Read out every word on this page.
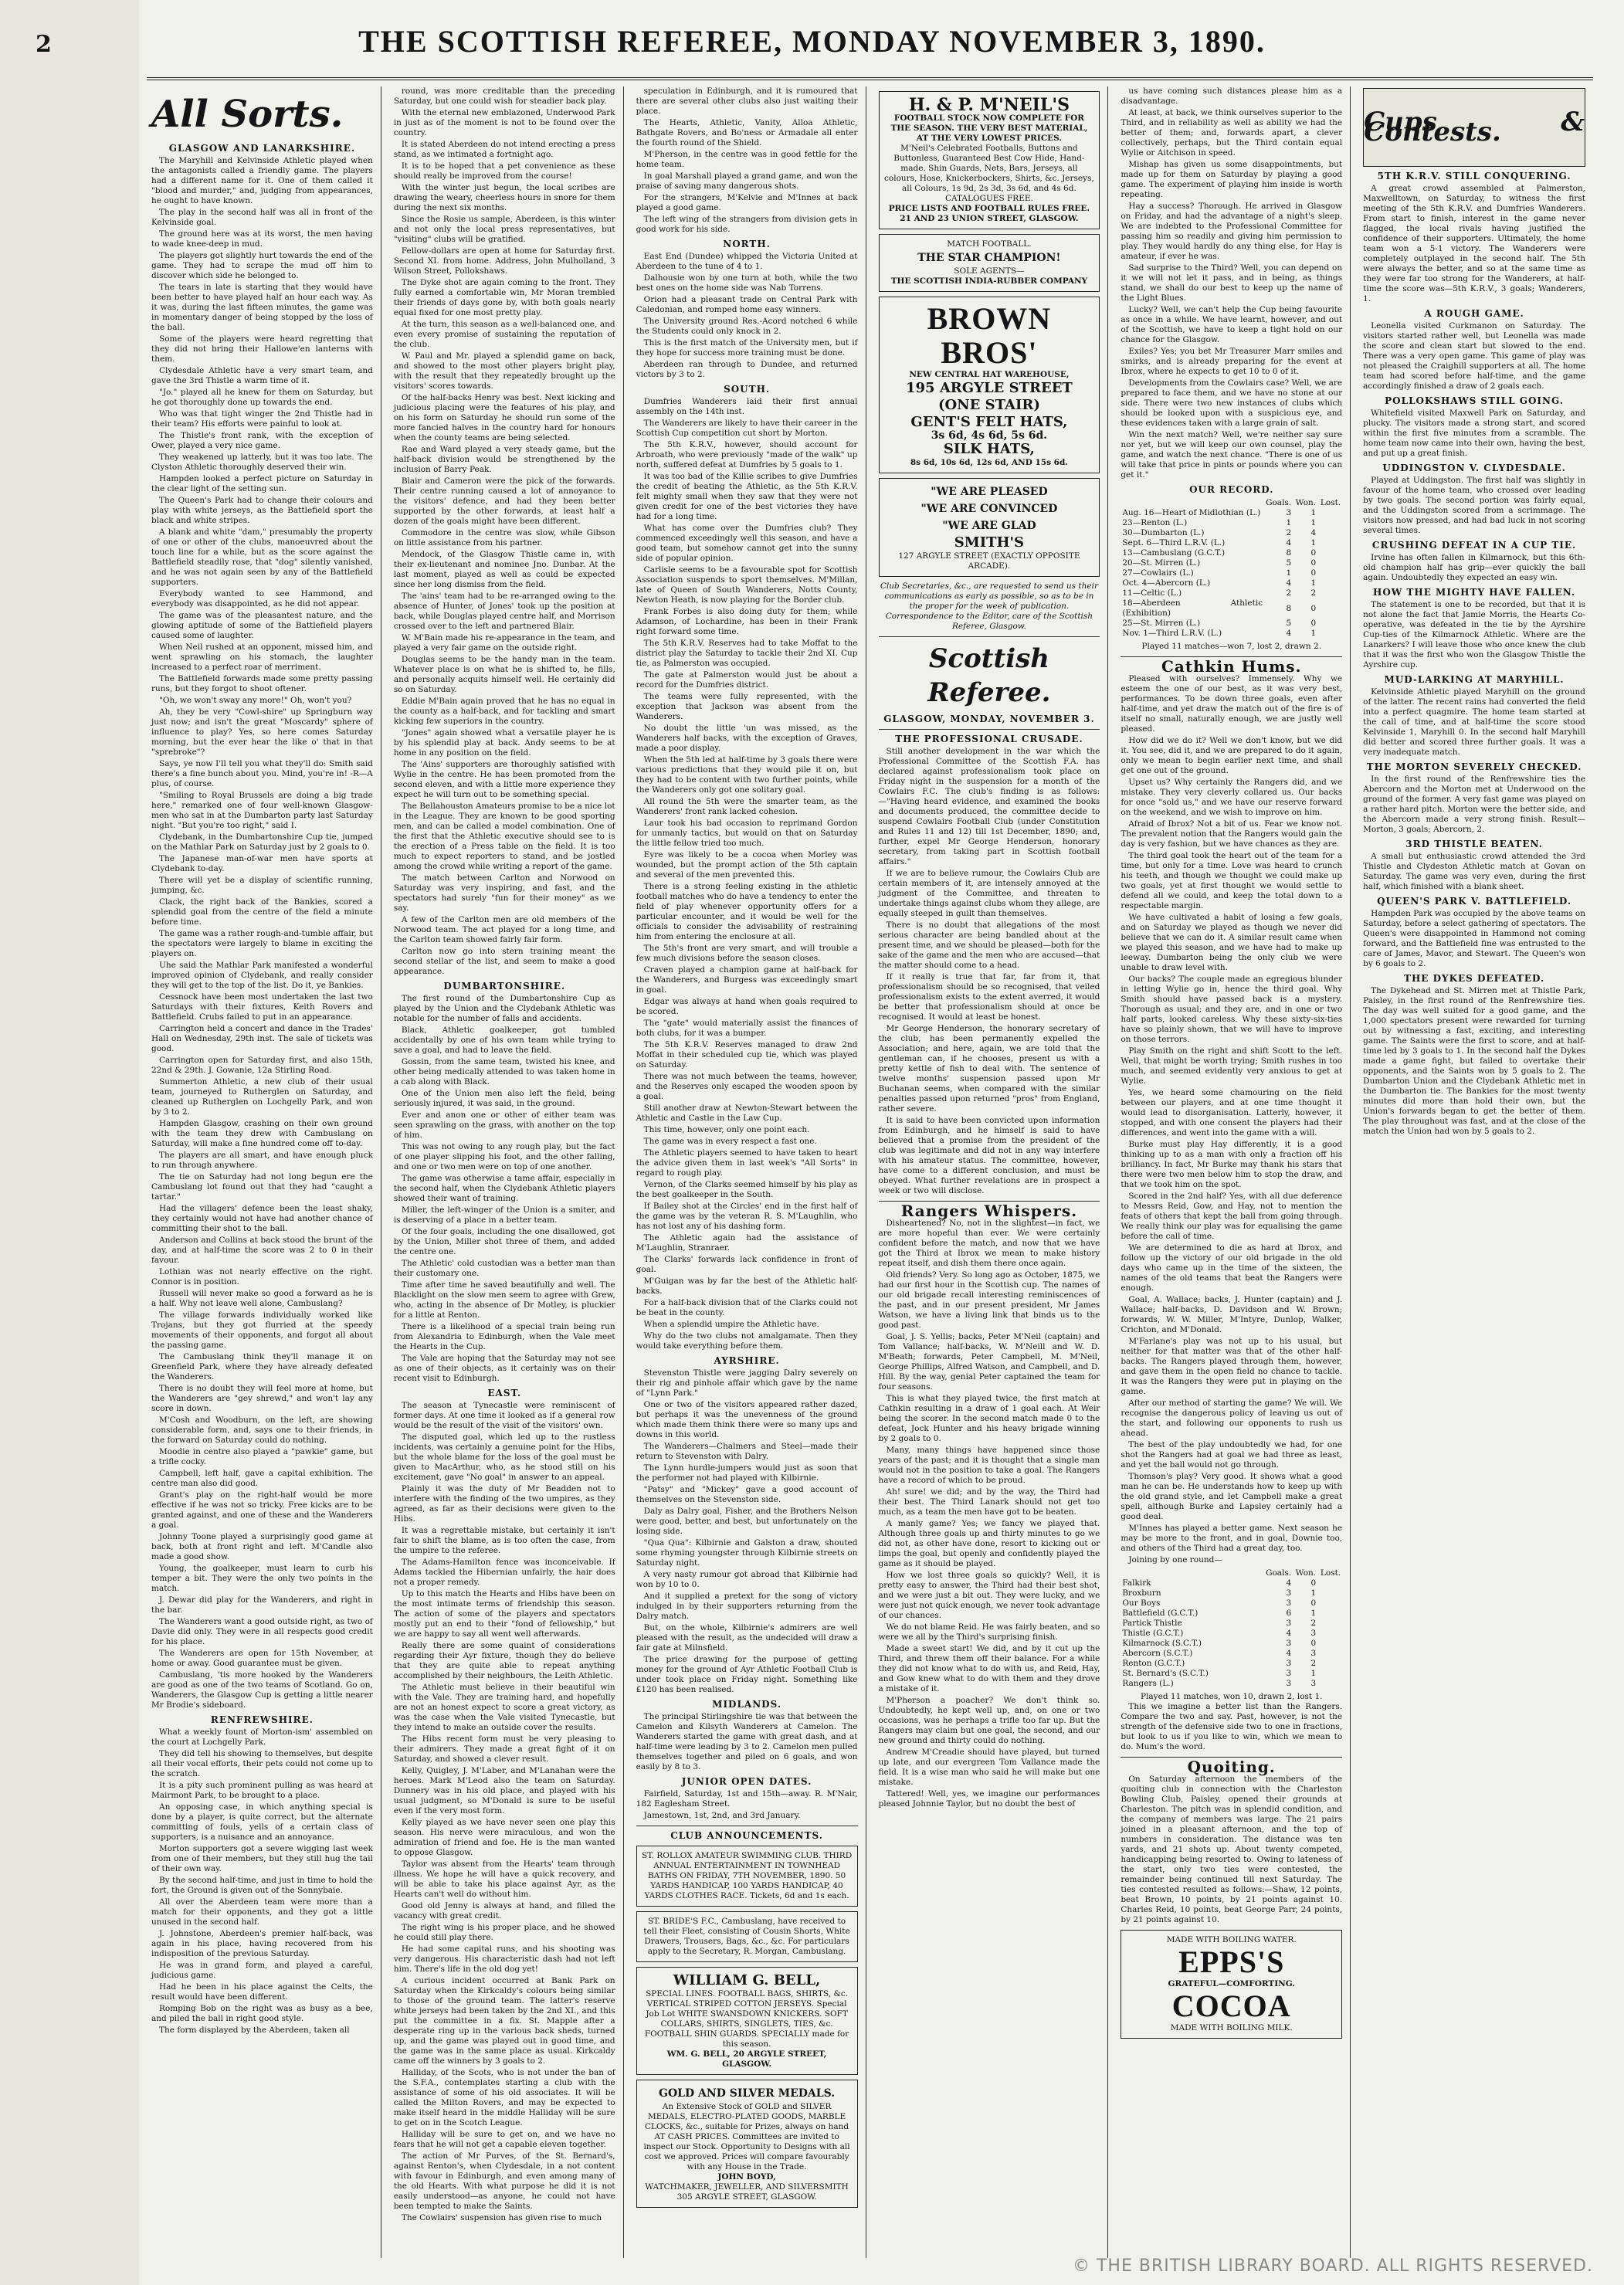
2	THE SCOTTISH REFEREE, MONDAY NOVEMBER 3, 1890.
All Sorts.
GLASGOW AND LANARKSHIRE.

The Maryhill and Kelvinside Athletic played when the antagonists called a friendly game. The players had a different name for it. One of them called it "blood and murder," and, judging from appearances, he ought to have known.

The play in the second half was all in front of the Kelvinside goal.

The ground here was at its worst, the men having to wade knee-deep in mud.

The players got slightly hurt towards the end of the game. They had to scrape the mud off him to discover which side he belonged to.

The tears in late is starting that they would have been better to have played half an hour each way. As it was, during the last fifteen minutes, the game was in momentary danger of being stopped by the loss of the ball.

Some of the players were heard regretting that they did not bring their Hallowe'en lanterns with them.

Clydesdale Athletic have a very smart team, and gave the 3rd Thistle a warm time of it.

"Jo." played all he knew for them on Saturday, but he got thoroughly done up towards the end.

Who was that tight winger the 2nd Thistle had in their team? His efforts were painful to look at.

The Thistle's front rank, with the exception of Ower, played a very nice game.

They weakened up latterly, but it was too late. The Clyston Athletic thoroughly deserved their win.

Hampden looked a perfect picture on Saturday in the clear light of the setting sun.

The Queen's Park had to change their colours and play with white jerseys, as the Battlefield sport the black and white stripes.

A blank and white "dam," presumably the property of one or other of the clubs, manoeuvred about the touch line for a while, but as the score against the Battlefield steadily rose, that "dog" silently vanished, and he was not again seen by any of the Battlefield supporters.

Everybody wanted to see Hammond, and everybody was disappointed, as he did not appear.

The game was of the pleasantest nature, and the glowing aptitude of some of the Battlefield players caused some of laughter.

When Neil rushed at an opponent, missed him, and went sprawling on his stomach, the laughter increased to a perfect roar of merriment.

The Battlefield forwards made some pretty passing runs, but they forgot to shoot oftener.

"Oh, we won't sway any more!" Oh, won't you?

Ah, they be very "Cowl-shire" up Springburn way just now; and isn't the great "Moscardy" sphere of influence to play? Yes, so here comes Saturday morning, but the ever hear the like o' that in that "sprebroke"?

Says, ye now I'll tell you what they'll do: Smith said there's a fine bunch about you. Mind, you're in! -R—A plus, of course.

"Smiling to Royal Brussels are doing a big trade here," remarked one of four well-known Glasgow-men who sat in at the Dumbarton party last Saturday night. "But you're too right," said I.

Clydebank, in the Dumbartonshire Cup tie, jumped on the Mathlar Park on Saturday just by 2 goals to 0.

The Japanese man-of-war men have sports at Clydebank to-day.

There will yet be a display of scientific running, jumping, &c.

Clack, the right back of the Bankies, scored a splendid goal from the centre of the field a minute before time.

The game was a rather rough-and-tumble affair, but the spectators were largely to blame in exciting the players on.

Uhe said the Mathlar Park manifested a wonderful improved opinion of Clydebank, and really consider they will get to the top of the list. Do it, ye Bankies.

Cessnock have been most undertaken the last two Saturdays with their fixtures, Keith Rovers and Battlefield. Crubs failed to put in an appearance.

Carrington held a concert and dance in the Trades' Hall on Wednesday, 29th inst. The sale of tickets was good.

Carrington open for Saturday first, and also 15th, 22nd & 29th. J. Gowanie, 12a Stirling Road.

Summerton Athletic, a new club of their usual team, journeyed to Rutherglen on Saturday, and cleaned up Rutherglen on Lochgelly Park, and won by 3 to 2.

Hampden Glasgow, crashing on their own ground with the team they drew with Cambuslang on Saturday, will make a fine hundred come off to-day.

The players are all smart, and have enough pluck to run through anywhere.

The tie on Saturday had not long begun ere the Cambuslang lot found out that they had "caught a tartar."

Had the villagers' defence been the least shaky, they certainly would not have had another chance of committing their shot to the ball.

Anderson and Collins at back stood the brunt of the day, and at half-time the score was 2 to 0 in their favour.

Lothian was not nearly effective on the right. Connor is in position.

Russell will never make so good a forward as he is a half. Why not leave well alone, Cambuslang?

The village forwards individually worked like Trojans, but they got flurried at the speedy movements of their opponents, and forgot all about the passing game.

The Cambuslang think they'll manage it on Greenfield Park, where they have already defeated the Wanderers.

There is no doubt they will feel more at home, but the Wanderers are "gey shrewd," and won't lay any score in down.

M'Cosh and Woodburn, on the left, are showing considerable form, and, says one to their friends, in the forward on Saturday could do nothing.

Moodie in centre also played a "pawkie" game, but a trifle cocky.

Campbell, left half, gave a capital exhibition. The centre man also did good.

Grant's play on the right-half would be more effective if he was not so tricky. Free kicks are to be granted against, and one of these and the Wanderers a goal.

Johnny Toone played a surprisingly good game at back, both at front right and left. M'Candle also made a good show.

Young, the goalkeeper, must learn to curb his temper a bit. They were the only two points in the match.

J. Dewar did play for the Wanderers, and right in the bar.

The Wanderers want a good outside right, as two of Davie did only. They were in all respects good credit for his place.

The Wanderers are open for 15th November, at home or away. Good guarantee must be given.

Cambuslang, 'tis more hooked by the Wanderers are good as one of the two teams of Scotland. Go on, Wanderers, the Glasgow Cup is getting a little nearer Mr Brodie's sideboard.

RENFREWSHIRE.

What a weekly fount of Morton-ism' assembled on the court at Lochgelly Park.

They did tell his showing to themselves, but despite all their vocal efforts, their pets could not come up to the scratch.

It is a pity such prominent pulling as was heard at Mairmont Park, to be brought to a place.

An opposing case, in which anything special is done by a player, is quite correct, but the alternate committing of fouls, yells of a certain class of supporters, is a nuisance and an annoyance.

Morton supporters got a severe wigging last week from one of their members, but they still hug the tail of their own way.

By the second half-time, and just in time to hold the fort, the Ground is given out of the Sonnybaie.

All over the Aberdeen team were more than a match for their opponents, and they got a little unused in the second half.

J. Johnstone, Aberdeen's premier half-back, was again in his place, having recovered from his indisposition of the previous Saturday.

He was in grand form, and played a careful, judicious game.

Had he been in his place against the Celts, the result would have been different.

Romping Bob on the right was as busy as a bee, and piled the ball in right good style.

The form displayed by the Aberdeen, taken all

round, was more creditable than the preceding Saturday, but one could wish for steadier back play.

With the eternal new emblazoned, Underwood Park in just as of the moment is not to be found over the country.

It is stated Aberdeen do not intend erecting a press stand, as we intimated a fortnight ago.

It is to be hoped that a pet convenience as these should really be improved from the course!

With the winter just begun, the local scribes are drawing the weary, cheerless hours in snore for them during the next six months.

Since the Rosie us sample, Aberdeen, is this winter and not only the local press representatives, but "visiting" clubs will be gratified.

Fellow-dollars are open at home for Saturday first. Second XI. from home. Address, John Mulholland, 3 Wilson Street, Pollokshaws.

The Dyke shot are again coming to the front. They fully earned a comfortable win, Mr Moran trembled their friends of days gone by, with both goals nearly equal fixed for one most pretty play.

At the turn, this season as a well-balanced one, and even every promise of sustaining the reputation of the club.

W. Paul and Mr. played a splendid game on back, and showed to the most other players bright play, with the result that they repeatedly brought up the visitors' scores towards.

Of the half-backs Henry was best. Next kicking and judicious placing were the features of his play, and on his form on Saturday he should run some of the more fancied halves in the country hard for honours when the county teams are being selected.

Rae and Ward played a very steady game, but the half-back division would be strengthened by the inclusion of Barry Peak.

Blair and Cameron were the pick of the forwards. Their centre running caused a lot of annoyance to the visitors' defence, and had they been better supported by the other forwards, at least half a dozen of the goals might have been different.

Commodore in the centre was slow, while Gibson on little assistance from his partner.

Mendock, of the Glasgow Thistle came in, with their ex-lieutenant and nominee Jno. Dunbar. At the last moment, played as well as could be expected since her long dismiss from the field.

The 'ains' team had to be re-arranged owing to the absence of Hunter, of Jones' took up the position at back, while Douglas played centre half, and Morrison crossed over to the left and partnered Blair.

W. M'Bain made his re-appearance in the team, and played a very fair game on the outside right.

Douglas seems to be the handy man in the team. Whatever place is on what he is shifted to, he fills, and personally acquits himself well. He certainly did so on Saturday.

Eddie M'Bain again proved that he has no equal in the county as a half-back, and for tackling and smart kicking few superiors in the country.

"Jones" again showed what a versatile player he is by his splendid play at back. Andy seems to be at home in any position on the field.

The 'Ains' supporters are thoroughly satisfied with Wylie in the centre. He has been promoted from the second eleven, and with a little more experience they expect he will turn out to be something special.

The Bellahouston Amateurs promise to be a nice lot in the League. They are known to be good sporting men, and can be called a model combination. One of the first that the Athletic executive should see to is the erection of a Press table on the field. It is too much to expect reporters to stand, and be jostled among the crowd while writing a report of the game.

The match between Carlton and Norwood on Saturday was very inspiring, and fast, and the spectators had surely "fun for their money" as we say.

A few of the Carlton men are old members of the Norwood team. The act played for a long time, and the Carlton team showed fairly fair form.

Carlton now go into stern training meant the second stellar of the list, and seem to make a good appearance.

DUMBARTONSHIRE.

The first round of the Dumbartonshire Cup as played by the Union and the Clydebank Athletic was notable for the number of falls and accidents.

Black, Athletic goalkeeper, got tumbled accidentally by one of his own team while trying to save a goal, and had to leave the field.

Gossin, from the same team, twisted his knee, and other being medically attended to was taken home in a cab along with Black.

One of the Union men also left the field, being seriously injured, it was said, in the ground.

Ever and anon one or other of either team was seen sprawling on the grass, with another on the top of him.

This was not owing to any rough play, but the fact of one player slipping his foot, and the other falling, and one or two men were on top of one another.

The game was otherwise a tame affair, especially in the second half, when the Clydebank Athletic players showed their want of training.

Miller, the left-winger of the Union is a smiter, and is deserving of a place in a better team.

Of the four goals, including the one disallowed, got by the Union, Miller shot three of them, and added the centre one.

The Athletic' cold custodian was a better man than their customary one.

Time after time he saved beautifully and well. The Blacklight on the slow men seem to agree with Grew, who, acting in the absence of Dr Motley, is pluckier for a little at Renton.

There is a likelihood of a special train being run from Alexandria to Edinburgh, when the Vale meet the Hearts in the Cup.

The Vale are hoping that the Saturday may not see as one of their objects, as it certainly was on their recent visit to Edinburgh.

EAST.

The season at Tynecastle were reminiscent of former days. At one time it looked as if a general row would be the result of the visit of the visitors' own.

The disputed goal, which led up to the rustless incidents, was certainly a genuine point for the Hibs, but the whole blame for the loss of the goal must be given to MacArthur, who, as he stood still on his excitement, gave "No goal" in answer to an appeal.

Plainly it was the duty of Mr Beadden not to interfere with the finding of the two umpires, as they agreed, as far as their decisions were given to the Hibs.

It was a regrettable mistake, but certainly it isn't fair to shift the blame, as is too often the case, from the umpire to the referee.

The Adams-Hamilton fence was inconceivable. If Adams tackled the Hibernian unfairly, the hair does not a proper remedy.

Up to this match the Hearts and Hibs have been on the most intimate terms of friendship this season. The action of some of the players and spectators mostly put an end to their "fond of fellowship," but we are happy to say all went well afterwards.

Really there are some quaint of considerations regarding their Ayr fixture, though they do believe that they are quite able to repeat anything accomplished by their neighbours, the Leith Athletic.

The Athletic must believe in their beautiful win with the Vale. They are training hard, and hopefully are not an honest expect to score a great victory, as was the case when the Vale visited Tynecastle, but they intend to make an outside cover the results.

The Hibs recent form must be very pleasing to their admirers. They made a great fight of it on Saturday, and showed a clever result.

Kelly, Quigley, J. M'Laber, and M'Lanahan were the heroes. Mark M'Leod also the team on Saturday. Dunnery was in his old place, and played with his usual judgment, so M'Donald is sure to be useful even if the very most form.

Kelly played as we have never seen one play this season. His nerve were miraculous, and won the admiration of friend and foe. He is the man wanted to oppose Glasgow.

Taylor was absent from the Hearts' team through illness. We hope he will have a quick recovery, and will be able to take his place against Ayr, as the Hearts can't well do without him.

Good old Jenny is always at hand, and filled the vacancy with great credit.

The right wing is his proper place, and he showed he could still play there.

He had some capital runs, and his shooting was very dangerous. His characteristic dash had not left him. There's life in the old dog yet!

A curious incident occurred at Bank Park on Saturday when the Kirkcaldy's colours being similar to those of the ground team. The latter's reserve white jerseys had been taken by the 2nd XI., and this put the committee in a fix. St. Mapple after a desperate ring up in the various back sheds, turned up, and the game was played out in good time, and the game was in the same place as usual. Kirkcaldy came off the winners by 3 goals to 2.

Halliday, of the Scots, who is not under the ban of the S.F.A., contemplates starting a club with the assistance of some of his old associates. It will be called the Milton Rovers, and may be expected to make itself heard in the middle Halliday will be sure to get on in the Scotch League.

Halliday will be sure to get on, and we have no fears that he will not get a capable eleven together.

The action of Mr Purves, of the St. Bernard's, against Renton's, when Clydesdale, in a not content with favour in Edinburgh, and even among many of the old Hearts. With what purpose he did it is not easily understood—as anyone, he could not have been tempted to make the Saints.

The Cowlairs' suspension has given rise to much

speculation in Edinburgh, and it is rumoured that there are several other clubs also just waiting their place.

The Hearts, Athletic, Vanity, Alloa Athletic, Bathgate Rovers, and Bo'ness or Armadale all enter the fourth round of the Shield.

M'Pherson, in the centre was in good fettle for the home team.

In goal Marshall played a grand game, and won the praise of saving many dangerous shots.

For the strangers, M'Kelvie and M'Innes at back played a good game.

The left wing of the strangers from division gets in good work for his side.

NORTH.

East End (Dundee) whipped the Victoria United at Aberdeen to the tune of 4 to 1.

Dalhousie won by one turn at both, while the two best ones on the home side was Nab Torrens.

Orion had a pleasant trade on Central Park with Caledonian, and romped home easy winners.

The University ground Res.-Acord notched 6 while the Students could only knock in 2.

This is the first match of the University men, but if they hope for success more training must be done.

Aberdeen ran through to Dundee, and returned victors by 3 to 2.

SOUTH.

Dumfries Wanderers laid their first annual assembly on the 14th inst.

The Wanderers are likely to have their career in the Scottish Cup competition cut short by Morton.

The 5th K.R.V., however, should account for Arbroath, who were previously "made of the walk" up north, suffered defeat at Dumfries by 5 goals to 1.

It was too bad of the Killie scribes to give Dumfries the credit of beating the Athletic, as the 5th K.R.V. felt mighty small when they saw that they were not given credit for one of the best victories they have had for a long time.

What has come over the Dumfries club? They commenced exceedingly well this season, and have a good team, but somehow cannot get into the sunny side of popular opinion.

Carlisle seems to be a favourable spot for Scottish Association suspends to sport themselves. M'Millan, late of Queen of South Wanderers, Notts County, Newton Heath, is now playing for the Border club.

Frank Forbes is also doing duty for them; while Adamson, of Lochardine, has been in their Frank right forward some time.

The 5th K.R.V. Reserves had to take Moffat to the district play the Saturday to tackle their 2nd XI. Cup tie, as Palmerston was occupied.

The gate at Palmerston would just be about a record for the Dumfries district.

The teams were fully represented, with the exception that Jackson was absent from the Wanderers.

No doubt the little 'un was missed, as the Wanderers half backs, with the exception of Graves, made a poor display.

When the 5th led at half-time by 3 goals there were various predictions that they would pile it on, but they had to be content with two further points, while the Wanderers only got one solitary goal.

All round the 5th were the smarter team, as the Wanderers' front rank lacked cohesion.

Laur took his bad occasion to reprimand Gordon for unmanly tactics, but would on that on Saturday the little fellow tried too much.

Eyre was likely to be a cocoa when Morley was wounded, but the prompt action of the 5th captain and several of the men prevented this.

There is a strong feeling existing in the athletic football matches who do have a tendency to enter the field of play whenever opportunity offers for a particular encounter, and it would be well for the officials to consider the advisability of restraining him from entering the enclosure at all.

The 5th's front are very smart, and will trouble a few much divisions before the season closes.

Craven played a champion game at half-back for the Wanderers, and Burgess was exceedingly smart in goal.

Edgar was always at hand when goals required to be scored.

The "gate" would materially assist the finances of both clubs, for it was a bumper.

The 5th K.R.V. Reserves managed to draw 2nd Moffat in their scheduled cup tie, which was played on Saturday.

There was not much between the teams, however, and the Reserves only escaped the wooden spoon by a goal.

Still another draw at Newton-Stewart between the Athletic and Castle in the Law Cup.

This time, however, only one point each.

The game was in every respect a fast one.

The Athletic players seemed to have taken to heart the advice given them in last week's "All Sorts" in regard to rough play.

Vernon, of the Clarks seemed himself by his play as the best goalkeeper in the South.

If Bailey shot at the Circles' end in the first half of the game was by the veteran R. S. M'Laughlin, who has not lost any of his dashing form.

The Athletic again had the assistance of M'Laughlin, Stranraer.

The Clarks' forwards lack confidence in front of goal.

M'Guigan was by far the best of the Athletic half-backs.

For a half-back division that of the Clarks could not be beat in the county.

When a splendid umpire the Athletic have.

Why do the two clubs not amalgamate. Then they would take everything before them.

AYRSHIRE.

Stevenston Thistle were jagging Dalry severely on their rig and pinhole affair which gave by the name of "Lynn Park."

One or two of the visitors appeared rather dazed, but perhaps it was the unevenness of the ground which made them think there were so many ups and downs in this world.

The Wanderers—Chalmers and Steel—made their return to Stevenston with Dalry.

The Lynn hurdle-jumpers would just as soon that the performer not had played with Kilbirnie.

"Patsy" and "Mickey" gave a good account of themselves on the Stevenston side.

Daly as Dalry goal, Fisher, and the Brothers Nelson were good, better, and best, but unfortunately on the losing side.

"Qua Qua": Kilbirnie and Galston a draw, shouted some rhyming youngster through Kilbirnie streets on Saturday night.

A very nasty rumour got abroad that Kilbirnie had won by 10 to 0.

And it supplied a pretext for the song of victory indulged in by their supporters returning from the Dalry match.

But, on the whole, Kilbirnie's admirers are well pleased with the result, as the undecided will draw a fair gate at Milnsfield.

The price drawing for the purpose of getting money for the ground of Ayr Athletic Football Club is under took place on Friday night. Something like £120 has been realised.

MIDLANDS.

The principal Stirlingshire tie was that between the Camelon and Kilsyth Wanderers at Camelon. The Wanderers started the game with great dash, and at half-time were leading by 3 to 2. Camelon men pulled themselves together and piled on 6 goals, and won easily by 8 to 3.

JUNIOR OPEN DATES.

Fairfield, Saturday, 1st and 15th—away. R. M'Nair, 182 Eaglesham Street.

Jamestown, 1st, 2nd, and 3rd January.

CLUB ANNOUNCEMENTS.
ST. ROLLOX AMATEUR SWIMMING CLUB. THIRD ANNUAL ENTERTAINMENT IN TOWNHEAD BATHS ON FRIDAY, 7TH NOVEMBER, 1890. 50 YARDS HANDICAP, 100 YARDS HANDICAP, 40 YARDS CLOTHES RACE. Tickets, 6d and 1s each.
ST. BRIDE'S F.C., Cambuslang, have received to tell their Fleet, consisting of Cousin Shorts, White Drawers, Trousers, Bags, &c., &c. For particulars apply to the Secretary, R. Morgan, Cambuslang.
WILLIAM G. BELL,
SPECIAL LINES. FOOTBALL BAGS, SHIRTS, &c. VERTICAL STRIPED COTTON JERSEYS. Special Job Lot WHITE SWANSDOWN KNICKERS. SOFT COLLARS, SHIRTS, SINGLETS, TIES, &c. FOOTBALL SHIN GUARDS. SPECIALLY made for this season.
WM. G. BELL, 20 ARGYLE STREET, GLASGOW.
GOLD AND SILVER MEDALS.
An Extensive Stock of GOLD and SILVER MEDALS, ELECTRO-PLATED GOODS, MARBLE CLOCKS, &c., suitable for Prizes, always on hand AT CASH PRICES. Committees are invited to inspect our Stock. Opportunity to Designs with all cost we approved. Prices will compare favourably with any House in the Trade.
JOHN BOYD,
WATCHMAKER, JEWELLER, AND SILVERSMITH 305 ARGYLE STREET, GLASGOW.
H. & P. M'NEIL'S
FOOTBALL STOCK NOW COMPLETE FOR THE SEASON. THE VERY BEST MATERIAL, AT THE VERY LOWEST PRICES.
M'Neil's Celebrated Footballs, Buttons and Buttonless, Guaranteed Best Cow Hide, Hand-made. Shin Guards, Nets, Bars, Jerseys, all colours, Hose, Knickerbockers, Shirts, &c. Jerseys, all Colours, 1s 9d, 2s 3d, 3s 6d, and 4s 6d. CATALOGUES FREE.
PRICE LISTS AND FOOTBALL RULES FREE. 21 AND 23 UNION STREET, GLASGOW.
MATCH FOOTBALL.
THE STAR CHAMPION!
SOLE AGENTS—
THE SCOTTISH INDIA-RUBBER COMPANY
BROWN BROS'
NEW CENTRAL HAT WAREHOUSE,
195 ARGYLE STREET (ONE STAIR)
GENT'S FELT HATS,
3s 6d, 4s 6d, 5s 6d.
SILK HATS,
8s 6d, 10s 6d, 12s 6d, AND 15s 6d.
"WE ARE PLEASED
"WE ARE CONVINCED
"WE ARE GLAD
SMITH'S
127 ARGYLE STREET (EXACTLY OPPOSITE ARCADE).
Club Secretaries, &c., are requested to send us their communications as early as possible, so as to be in the proper for the week of publication. Correspondence to the Editor, care of the Scottish Referee, Glasgow.
Scottish Referee.
GLASGOW, MONDAY, NOVEMBER 3.
THE PROFESSIONAL CRUSADE.

Still another development in the war which the Professional Committee of the Scottish F.A. has declared against professionalism took place on Friday night in the suspension for a month of the Cowlairs F.C. The club's finding is as follows:—"Having heard evidence, and examined the books and documents produced, the committee decide to suspend Cowlairs Football Club (under Constitution and Rules 11 and 12) till 1st December, 1890; and, further, expel Mr George Henderson, honorary secretary, from taking part in Scottish football affairs."

If we are to believe rumour, the Cowlairs Club are certain members of it, are intensely annoyed at the judgment of the Committee, and threaten to undertake things against clubs whom they allege, are equally steeped in guilt than themselves.

There is no doubt that allegations of the most serious character are being bandied about at the present time, and we should be pleased—both for the sake of the game and the men who are accused—that the matter should come to a head.

If it really is true that far, far from it, that professionalism should be so recognised, that veiled professionalism exists to the extent averred, it would be better that professionalism should at once be recognised. It would at least be honest.

Mr George Henderson, the honorary secretary of the club, has been permanently expelled the Association; and here, again, we are told that the gentleman can, if he chooses, present us with a pretty kettle of fish to deal with. The sentence of twelve months' suspension passed upon Mr Buchanan seems, when compared with the similar penalties passed upon returned "pros" from England, rather severe.

It is said to have been convicted upon information from Edinburgh, and he himself is said to have believed that a promise from the president of the club was legitimate and did not in any way interfere with his amateur status. The committee, however, have come to a different conclusion, and must be obeyed. What further revelations are in prospect a week or two will disclose.

Rangers Whispers.

Disheartened? No, not in the slightest—in fact, we are more hopeful than ever. We were certainly confident before the match, and now that we have got the Third at Ibrox we mean to make history repeat itself, and dish them there once again.

Old friends? Very. So long ago as October, 1875, we had our first hour in the Scottish cup. The names of our old brigade recall interesting reminiscences of the past, and in our present president, Mr James Watson, we have a living link that binds us to the good past.

Goal, J. S. Yellis; backs, Peter M'Neil (captain) and Tom Vallance; half-backs, W. M'Neill and W. D. M'Beath; forwards, Peter Campbell, M. M'Neil, George Phillips, Alfred Watson, and Campbell, and D. Hill. By the way, genial Peter captained the team for four seasons.

This is what they played twice, the first match at Cathkin resulting in a draw of 1 goal each. At Weir being the scorer. In the second match made 0 to the defeat, Jock Hunter and his heavy brigade winning by 2 goals to 0.

Many, many things have happened since those years of the past; and it is thought that a single man would not in the position to take a goal. The Rangers have a record of which to be proud.

Ah! sure! we did; and by the way, the Third had their best. The Third Lanark should not get too much, as a team the men have got to be beaten.

A manly game? Yes; we fancy we played that. Although three goals up and thirty minutes to go we did not, as other have done, resort to kicking out or limps the goal, but openly and confidently played the game as it should be played.

How we lost three goals so quickly? Well, it is pretty easy to answer, the Third had their best shot, and we were just a bit out. They were lucky, and we were just not quick enough, we never took advantage of our chances.

We do not blame Reid. He was fairly beaten, and so were we all by the Third's surprising finish.

Made a sweet start! We did, and by it cut up the Third, and threw them off their balance. For a while they did not know what to do with us, and Reid, Hay, and Gow knew what to do with them and they drove a mistake of it.

M'Pherson a poacher? We don't think so. Undoubtedly, he kept well up, and, on one or two occasions, was he perhaps a trifle too far up. But the Rangers may claim but one goal, the second, and our new ground and thirty could do nothing.

Andrew M'Creadie should have played, but turned up late, and our evergreen Tom Vallance made the field. It is a wise man who said he will make but one mistake.

Tattered! Well, yes, we imagine our performances pleased Johnnie Taylor, but no doubt the best of

us have coming such distances please him as a disadvantage.

At least, at back, we think ourselves superior to the Third, and in reliability as well as ability we had the better of them; and, forwards apart, a clever collectively, perhaps, but the Third contain equal Wylie or Aitchison in speed.

Mishap has given us some disappointments, but made up for them on Saturday by playing a good game. The experiment of playing him inside is worth repeating.

Hay a success? Thorough. He arrived in Glasgow on Friday, and had the advantage of a night's sleep. We are indebted to the Professional Committee for passing him so readily and giving him permission to play. They would hardly do any thing else, for Hay is amateur, if ever he was.

Sad surprise to the Third? Well, you can depend on it we will not let it pass, and in being, as things stand, we shall do our best to keep up the name of the Light Blues.

Lucky? Well, we can't help the Cup being favourite as once in a while. We have learnt, however, and out of the Scottish, we have to keep a tight hold on our chance for the Glasgow.

Exiles? Yes; you bet Mr Treasurer Marr smiles and smirks, and is already preparing for the event at Ibrox, where he expects to get 10 to 0 of it.

Developments from the Cowlairs case? Well, we are prepared to face them, and we have no stone at our side. There were two new instances of clubs which should be looked upon with a suspicious eye, and these evidences taken with a large grain of salt.

Win the next match? Well, we're neither say sure nor yet, but we will keep our own counsel, play the game, and watch the next chance. "There is one of us will take that price in pints or pounds where you can get it."

OUR RECORD.
	Goals.	Won.	Lost.
Aug. 16—Heart of Midlothian (L.)	3	1	
23—Renton (L.)	1	1	
30—Dumbarton (L.)	2	4	
Sept. 6—Third L.R.V. (L.)	4	1	
13—Cambuslang (G.C.T.)	8	0	
20—St. Mirren (L.)	5	0	
27—Cowlairs (L.)	1	0	
Oct. 4—Abercorn (L.)	4	1	
11—Celtic (L.)	2	2	
18—Aberdeen Athletic (Exhibition)	8	0	
25—St. Mirren (L.)	5	0	
Nov. 1—Third L.R.V. (L.)	4	1	
Played 11 matches—won 7, lost 2, drawn 2.
Cathkin Hums.

Pleased with ourselves? Immensely. Why we esteem the one of our best, as it was very best, performances. To be down three goals, even after half-time, and yet draw the match out of the fire is of itself no small, naturally enough, we are justly well pleased.

How did we do it? Well we don't know, but we did it. You see, did it, and we are prepared to do it again, only we mean to begin earlier next time, and shall get one out of the ground.

Upset us? Why certainly the Rangers did, and we mistake. They very cleverly collared us. Our backs for once "sold us," and we have our reserve forward on the weekend, and we wish to improve on him.

Afraid of Ibrox? Not a bit of us. Fear we know not. The prevalent notion that the Rangers would gain the day is very fashion, but we have chances as they are.

The third goal took the heart out of the team for a time, but only for a time. Love was heard to crunch his teeth, and though we thought we could make up two goals, yet at first thought we would settle to defend all we could, and keep the total down to a respectable margin.

We have cultivated a habit of losing a few goals, and on Saturday we played as though we never did believe that we can do it. A similar result came when we played this season, and we have had to make up leeway. Dumbarton being the only club we were unable to draw level with.

Our backs? The couple made an egregious blunder in letting Wylie go in, hence the third goal. Why Smith should have passed back is a mystery. Thorough as usual; and they are, and in one or two half parts, looked careless. Why these sixty-six-ties have so plainly shown, that we will have to improve on those terrors.

Play Smith on the right and shift Scott to the left. Well, that might be worth trying; Smith rushes in too much, and seemed evidently very anxious to get at Wylie.

Yes, we heard some chamouring on the field between our players, and at one time thought it would lead to disorganisation. Latterly, however, it stopped, and with one consent the players had their differences, and went into the game with a will.

Burke must play Hay differently, it is a good thinking up to as a man with only a fraction off his brilliancy. In fact, Mr Burke may thank his stars that there were two men below him to stop the draw, and that we took him on the spot.

Scored in the 2nd half? Yes, with all due deference to Messrs Reid, Gow, and Hay, not to mention the feats of others that kept the ball from going through. We really think our play was for equalising the game before the call of time.

We are determined to die as hard at Ibrox, and follow up the victory of our old brigade in the old days who came up in the time of the sixteen, the names of the old teams that beat the Rangers were enough.

Goal, A. Wallace; backs, J. Hunter (captain) and J. Wallace; half-backs, D. Davidson and W. Brown; forwards, W. W. Miller, M'Intyre, Dunlop, Walker, Crichton, and M'Donald.

M'Farlane's play was not up to his usual, but neither for that matter was that of the other half-backs. The Rangers played through them, however, and gave them in the open field no chance to tackle. It was the Rangers they were put in playing on the game.

After our method of starting the game? We will. We recognise the dangerous policy of leaving us out of the start, and following our opponents to rush us ahead.

The best of the play undoubtedly we had, for one shot the Rangers had at goal we had three as least, and yet the ball would not go through.

Thomson's play? Very good. It shows what a good man he can be. He understands how to keep up with the old grand style, and let Campbell make a great spell, although Burke and Lapsley certainly had a good deal.

M'Innes has played a better game. Next season he may be more to the front, and in goal, Downie too, and others of the Third had a great day, too.

Joining by one round—

	Goals.	Won.	Lost.
Falkirk	4	0	
Broxburn	3	1	
Our Boys	3	0	
Battlefield (G.C.T.)	6	1	
Partick Thistle	3	2	
Thistle (G.C.T.)	4	3	
Kilmarnock (S.C.T.)	3	0	
Abercorn (S.C.T.)	4	3	
Renton (G.C.T.)	3	2	
St. Bernard's (S.C.T.)	3	1	
Rangers (L.)	3	3	
Played 11 matches, won 10, drawn 2, lost 1.

This we imagine a better list than the Rangers. Compare the two and say. Past, however, is not the strength of the defensive side two to one in fractions, but look to us if you like to win, which we mean to do. Mum's the word.

Quoiting.

On Saturday afternoon the members of the quoiting club in connection with the Charleston Bowling Club, Paisley, opened their grounds at Charleston. The pitch was in splendid condition, and the company of members was large. The 21 pairs joined in a pleasant afternoon, and the top of numbers in consideration. The distance was ten yards, and 21 shots up. About twenty competed, handicapping being resorted to. Owing to lateness of the start, only two ties were contested, the remainder being continued till next Saturday. The ties contested resulted as follows:—Shaw, 12 points, beat Brown, 10 points, by 21 points against 10. Charles Reid, 10 points, beat George Parr, 24 points, by 21 points against 10.

MADE WITH BOILING WATER.
EPPS'S
GRATEFUL—COMFORTING.
COCOA
MADE WITH BOILING MILK.
Cups & Contests.
5TH K.R.V. STILL CONQUERING.

A great crowd assembled at Palmerston, Maxwelltown, on Saturday, to witness the first meeting of the 5th K.R.V. and Dumfries Wanderers. From start to finish, interest in the game never flagged, the local rivals having justified the confidence of their supporters. Ultimately, the home team won a 5-1 victory. The Wanderers were completely outplayed in the second half. The 5th were always the better, and so at the same time as they were far too strong for the Wanderers, at half-time the score was—5th K.R.V., 3 goals; Wanderers, 1.

A ROUGH GAME.

Leonella visited Curkmanon on Saturday. The visitors started rather well, but Leonella was made the score and clean start but slowed to the end. There was a very open game. This game of play was not pleased the Craighill supporters at all. The home team had scored before half-time, and the game accordingly finished a draw of 2 goals each.

POLLOKSHAWS STILL GOING.

Whitefield visited Maxwell Park on Saturday, and plucky. The visitors made a strong start, and scored within the first five minutes from a scramble. The home team now came into their own, having the best, and put up a great finish.

UDDINGSTON V. CLYDESDALE.

Played at Uddingston. The first half was slightly in favour of the home team, who crossed over leading by two goals. The second portion was fairly equal, and the Uddingston scored from a scrimmage. The visitors now pressed, and had bad luck in not scoring several times.

CRUSHING DEFEAT IN A CUP TIE.

Irvine has often fallen in Kilmarnock, but this 6th-old champion half has grip—ever quickly the ball again. Undoubtedly they expected an easy win.

HOW THE MIGHTY HAVE FALLEN.

The statement is one to be recorded, but that it is not alone the fact that Jamie Morris, the Hearts Co-operative, was defeated in the tie by the Ayrshire Cup-ties of the Kilmarnock Athletic. Where are the Lanarkers? I will leave those who once knew the club that it was the first who won the Glasgow Thistle the Ayrshire cup.

MUD-LARKING AT MARYHILL.

Kelvinside Athletic played Maryhill on the ground of the latter. The recent rains had converted the field into a perfect quagmire. The home team started at the call of time, and at half-time the score stood Kelvinside 1, Maryhill 0. In the second half Maryhill did better and scored three further goals. It was a very inadequate match.

THE MORTON SEVERELY CHECKED.

In the first round of the Renfrewshire ties the Abercorn and the Morton met at Underwood on the ground of the former. A very fast game was played on a rather hard pitch. Morton were the better side, and the Abercorn made a very strong finish. Result—Morton, 3 goals; Abercorn, 2.

3RD THISTLE BEATEN.

A small but enthusiastic crowd attended the 3rd Thistle and Clydeston Athletic match at Govan on Saturday. The game was very even, during the first half, which finished with a blank sheet.

QUEEN'S PARK V. BATTLEFIELD.

Hampden Park was occupied by the above teams on Saturday, before a select gathering of spectators. The Queen's were disappointed in Hammond not coming forward, and the Battlefield fine was entrusted to the care of James, Mavor, and Stewart. The Queen's won by 6 goals to 2.

THE DYKES DEFEATED.

The Dykehead and St. Mirren met at Thistle Park, Paisley, in the first round of the Renfrewshire ties. The day was well suited for a good game, and the 1,000 spectators present were rewarded for turning out by witnessing a fast, exciting, and interesting game. The Saints were the first to score, and at half-time led by 3 goals to 1. In the second half the Dykes made a game fight, but failed to overtake their opponents, and the Saints won by 5 goals to 2. The Dumbarton Union and the Clydebank Athletic met in the Dumbarton tie. The Bankies for the most twenty minutes did more than hold their own, but the Union's forwards began to get the better of them. The play throughout was fast, and at the close of the match the Union had won by 5 goals to 2.

© THE BRITISH LIBRARY BOARD. ALL RIGHTS RESERVED.
